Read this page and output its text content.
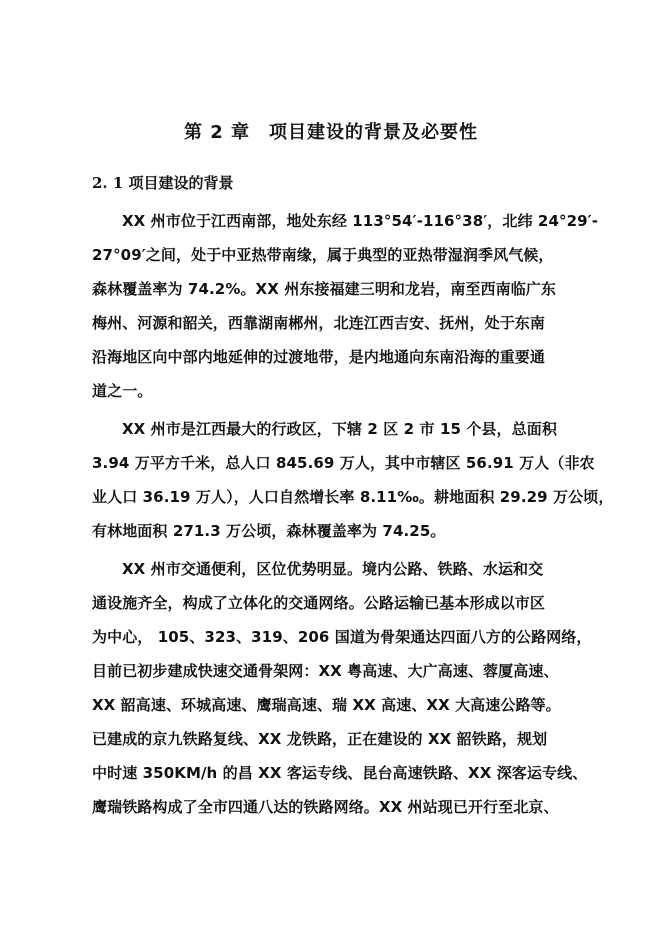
第 2 章　项目建设的背景及必要性
2. 1 项目建设的背景
XX 州市位于江西南部，地处东经 113°54′-116°38′，北纬 24°29′-
27°09′之间，处于中亚热带南缘，属于典型的亚热带湿润季风气候，
森林覆盖率为 74.2%。XX 州东接福建三明和龙岩，南至西南临广东
梅州、河源和韶关，西靠湖南郴州，北连江西吉安、抚州，处于东南
沿海地区向中部内地延伸的过渡地带，是内地通向东南沿海的重要通
道之一。
XX 州市是江西最大的行政区，下辖 2 区 2 市 15 个县，总面积
3.94 万平方千米，总人口 845.69 万人，其中市辖区 56.91 万人（非农
业人口 36.19 万人），人口自然增长率 8.11‰。耕地面积 29.29 万公顷，
有林地面积 271.3 万公顷，森林覆盖率为 74.25。
XX 州市交通便利，区位优势明显。境内公路、铁路、水运和交
通设施齐全，构成了立体化的交通网络。公路运输已基本形成以市区
为中心， 105、323、319、206 国道为骨架通达四面八方的公路网络，
目前已初步建成快速交通骨架网：XX 粤高速、大广高速、蓉厦高速、
XX 韶高速、环城高速、鹰瑞高速、瑞 XX 高速、XX 大高速公路等。
已建成的京九铁路复线、XX 龙铁路，正在建设的 XX 韶铁路，规划
中时速 350KM/h 的昌 XX 客运专线、昆台高速铁路、XX 深客运专线、
鹰瑞铁路构成了全市四通八达的铁路网络。XX 州站现已开行至北京、
